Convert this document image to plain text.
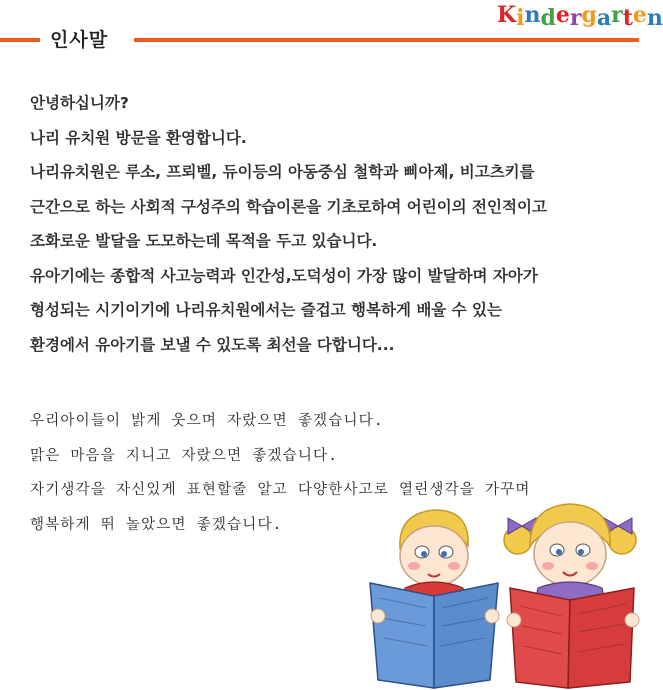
인사말
Kindergarten
안녕하십니까?
나리 유치원 방문을 환영합니다.
나리유치원은 루소, 프뢰벨, 듀이등의 아동중심 철학과 삐아제, 비고츠키를
근간으로 하는 사회적 구성주의 학습이론을 기초로하여 어린이의 전인적이고
조화로운 발달을 도모하는데 목적을 두고 있습니다.
유아기에는 종합적 사고능력과 인간성,도덕성이 가장 많이 발달하며 자아가
형성되는 시기이기에 나리유치원에서는 즐겁고 행복하게 배울 수 있는
환경에서 유아기를 보낼 수 있도록 최선을 다합니다...
우리아이들이 밝게 웃으며 자랐으면 좋겠습니다.
맑은 마음을 지니고 자랐으면 좋겠습니다.
자기생각을 자신있게 표현할줄 알고 다양한사고로 열린생각을 가꾸며
행복하게 뛰 놀았으면 좋겠습니다.
